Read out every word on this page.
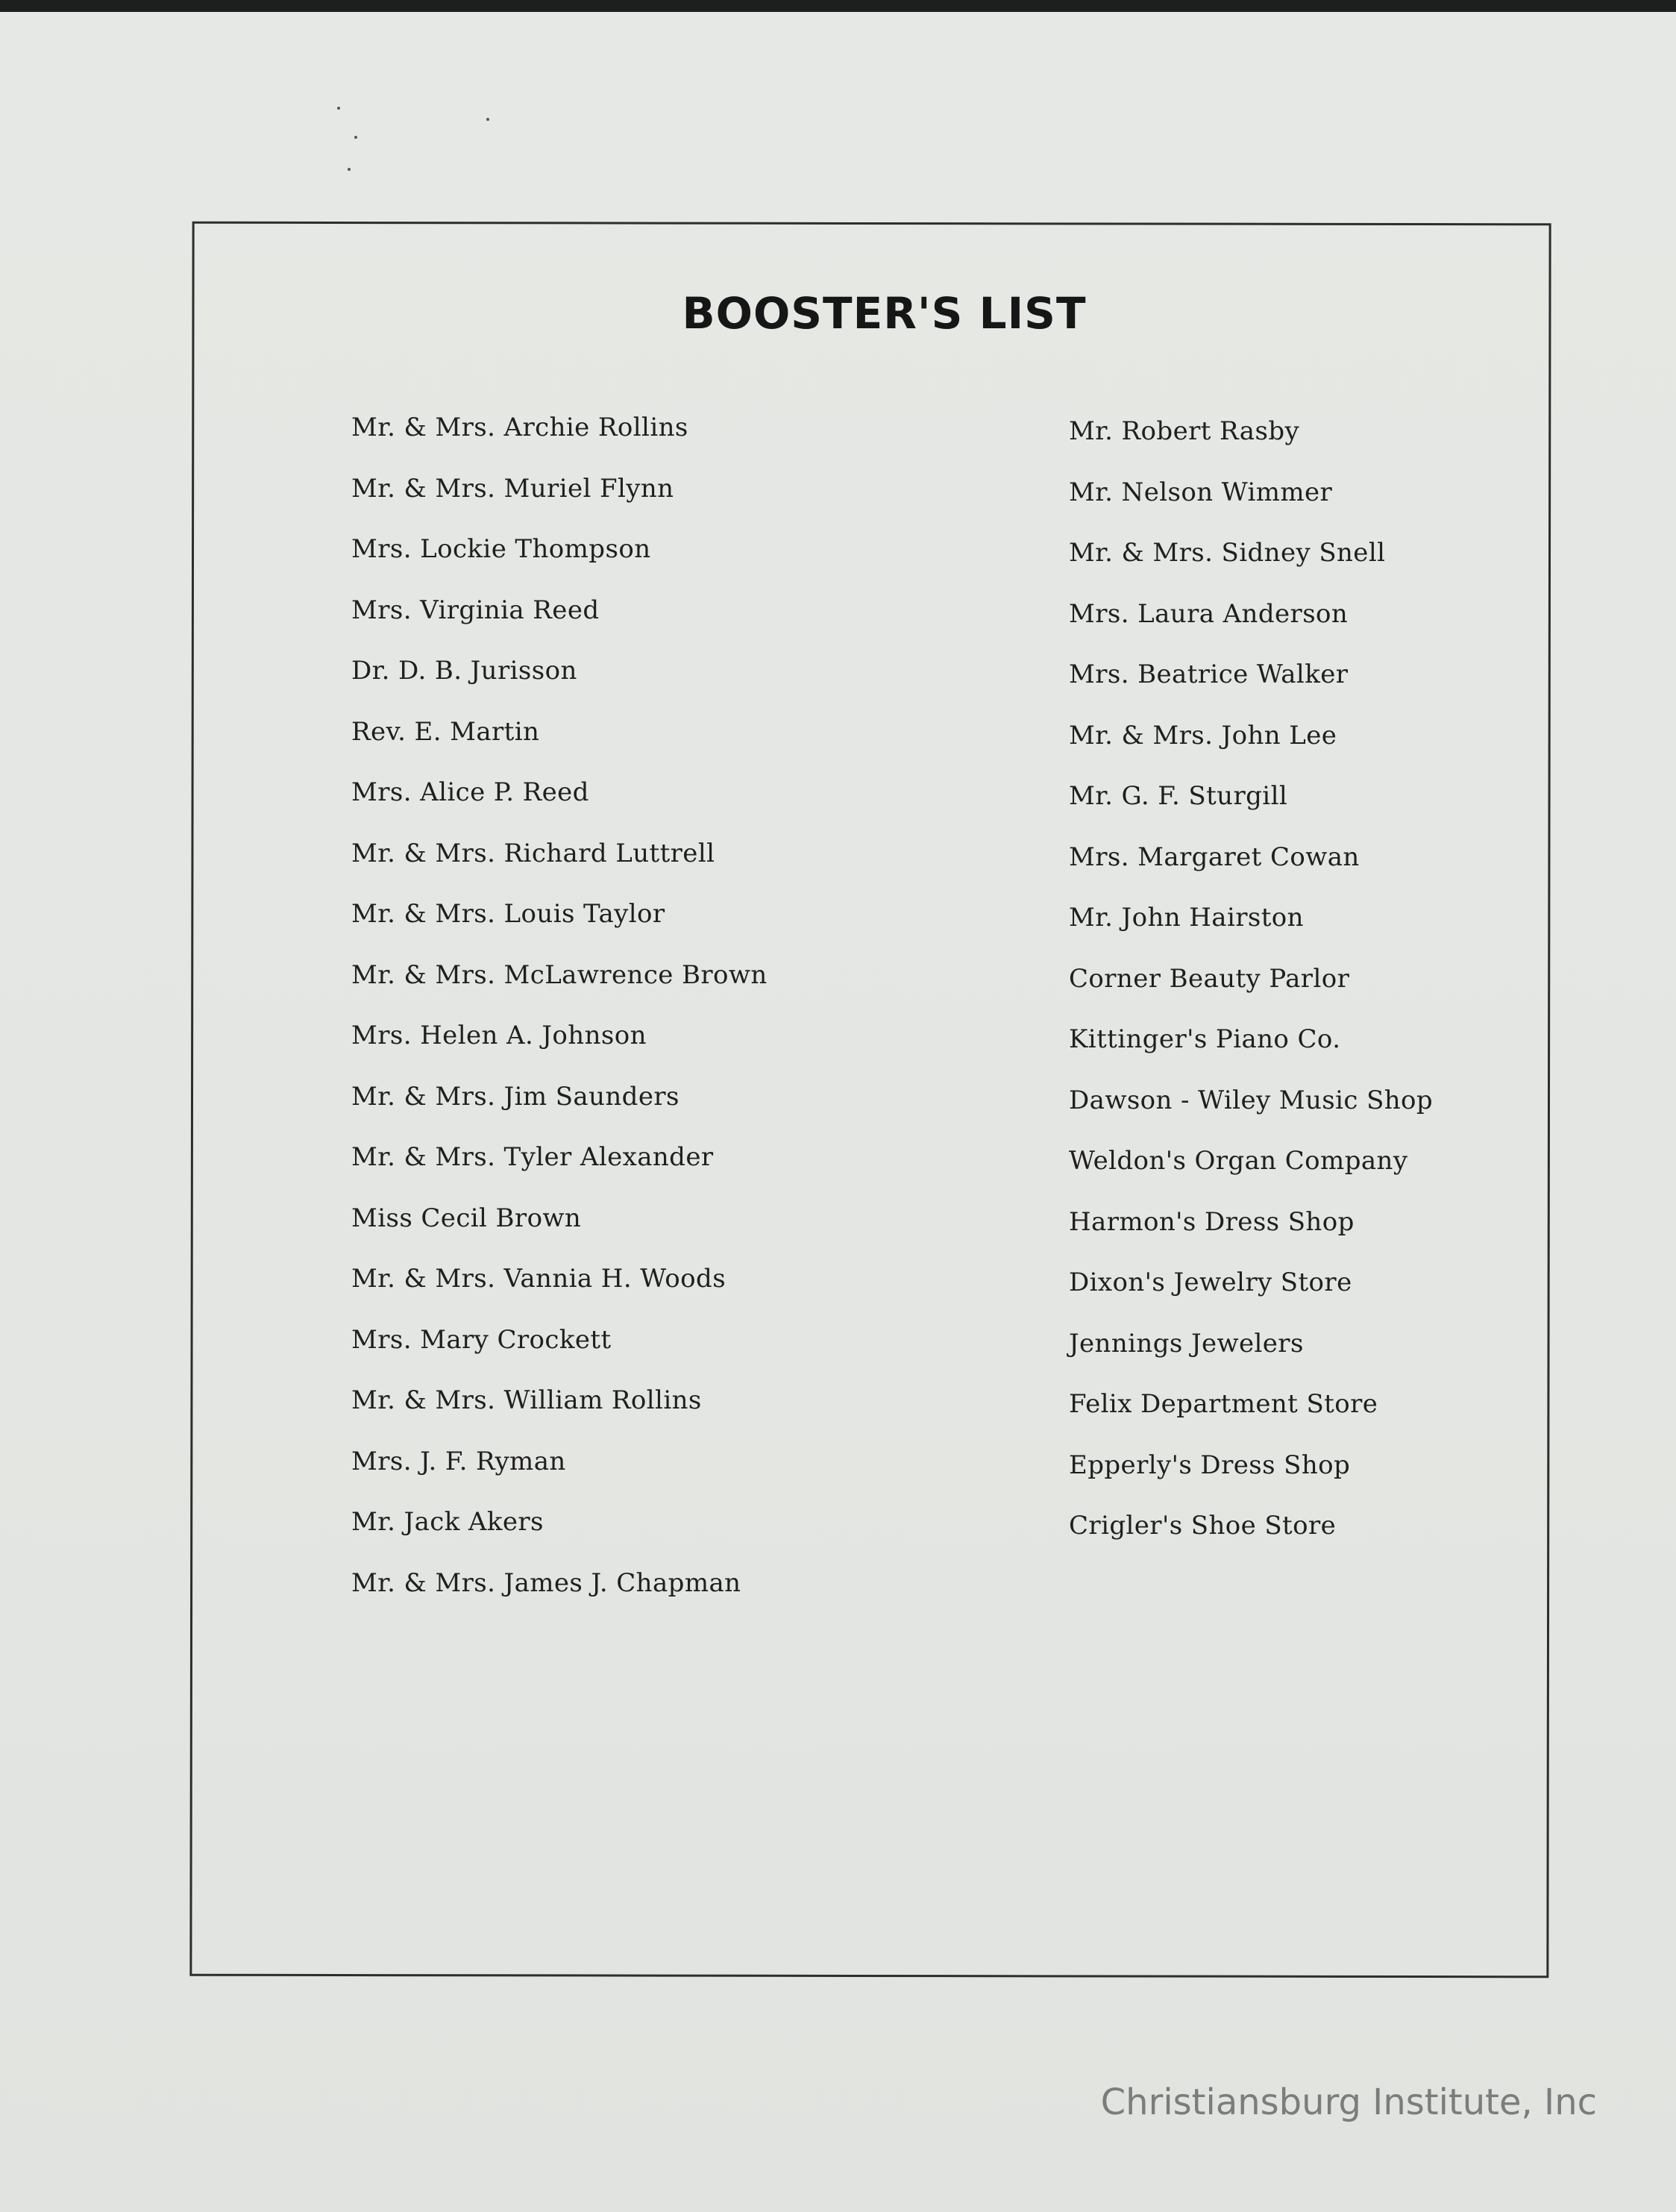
BOOSTER'S LIST
Mr. & Mrs. Archie Rollins
Mr. & Mrs. Muriel Flynn
Mrs. Lockie Thompson
Mrs. Virginia Reed
Dr. D. B. Jurisson
Rev. E. Martin
Mrs. Alice P. Reed
Mr. & Mrs. Richard Luttrell
Mr. & Mrs. Louis Taylor
Mr. & Mrs. McLawrence Brown
Mrs. Helen A. Johnson
Mr. & Mrs. Jim Saunders
Mr. & Mrs. Tyler Alexander
Miss Cecil Brown
Mr. & Mrs. Vannia H. Woods
Mrs. Mary Crockett
Mr. & Mrs. William Rollins
Mrs. J. F. Ryman
Mr. Jack Akers
Mr. & Mrs. James J. Chapman
Mr. Robert Rasby
Mr. Nelson Wimmer
Mr. & Mrs. Sidney Snell
Mrs. Laura Anderson
Mrs. Beatrice Walker
Mr. & Mrs. John Lee
Mr. G. F. Sturgill
Mrs. Margaret Cowan
Mr. John Hairston
Corner Beauty Parlor
Kittinger's Piano Co.
Dawson - Wiley Music Shop
Weldon's Organ Company
Harmon's Dress Shop
Dixon's Jewelry Store
Jennings Jewelers
Felix Department Store
Epperly's Dress Shop
Crigler's Shoe Store
Christiansburg Institute, Inc
